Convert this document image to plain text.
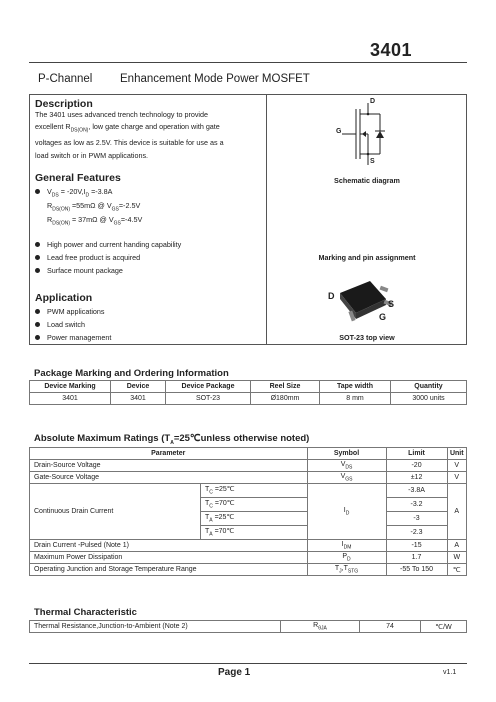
3401
P-Channel Enhancement Mode Power MOSFET
Description
The 3401 uses advanced trench technology to provide
excellent $R_{DS(ON)}$, low gate charge and operation with gate
voltages as low as 2.5V. This device is suitable for use as a
load switch or in PWM applications.
General Features
$V_{DS} = -20V,I_D =-3.8A$
$R_{DS(ON)} =55m\Omega$ @ $V_{GS}=-2.5V$
$R_{DS(ON)} = 37m\Omega$ @ $V_{GS}=-4.5V$
High power and current handing capability
Lead free product is acquired
Surface mount package
Application
PWM applications
Load switch
Power management
D
G
S
Schematic diagram
Marking and pin assignment
D
S
G
SOT-23 top view
Package Marking and Ordering Information
Device Marking	Device	Device Package	Reel Size	Tape width	Quantity
3401	3401	SOT-23	Ø180mm	8 mm	3000 units
Absolute Maximum Ratings ($T_A=25℃unless$ otherwise noted)
Parameter		Symbol	Limit	Unit
Drain-Source Voltage		$V_{DS}$	-20	V
Gate-Source Voltage		$V_{GS}$	±12	V
Continuous Drain Current	$T_C$ =25℃	$I_D$	-3.8A	A
	$T_C$ =70℃		-3.2	
	$T_A$ =25℃		-3	
	$T_A$ =70℃		-2.3	
Drain Current -Pulsed (Note 1)		$I_{DM}$	-15	A
Maximum Power Dissipation		$P_D$	1.7	W
Operating Junction and Storage Temperature Range		$T_J,T_{STG}$	-55 To 150	℃
Thermal Characteristic
Thermal Resistance,Junction-to-Ambient (Note 2)	$R_{\theta JA}$	74	℃/W
Page 1	v1.1
